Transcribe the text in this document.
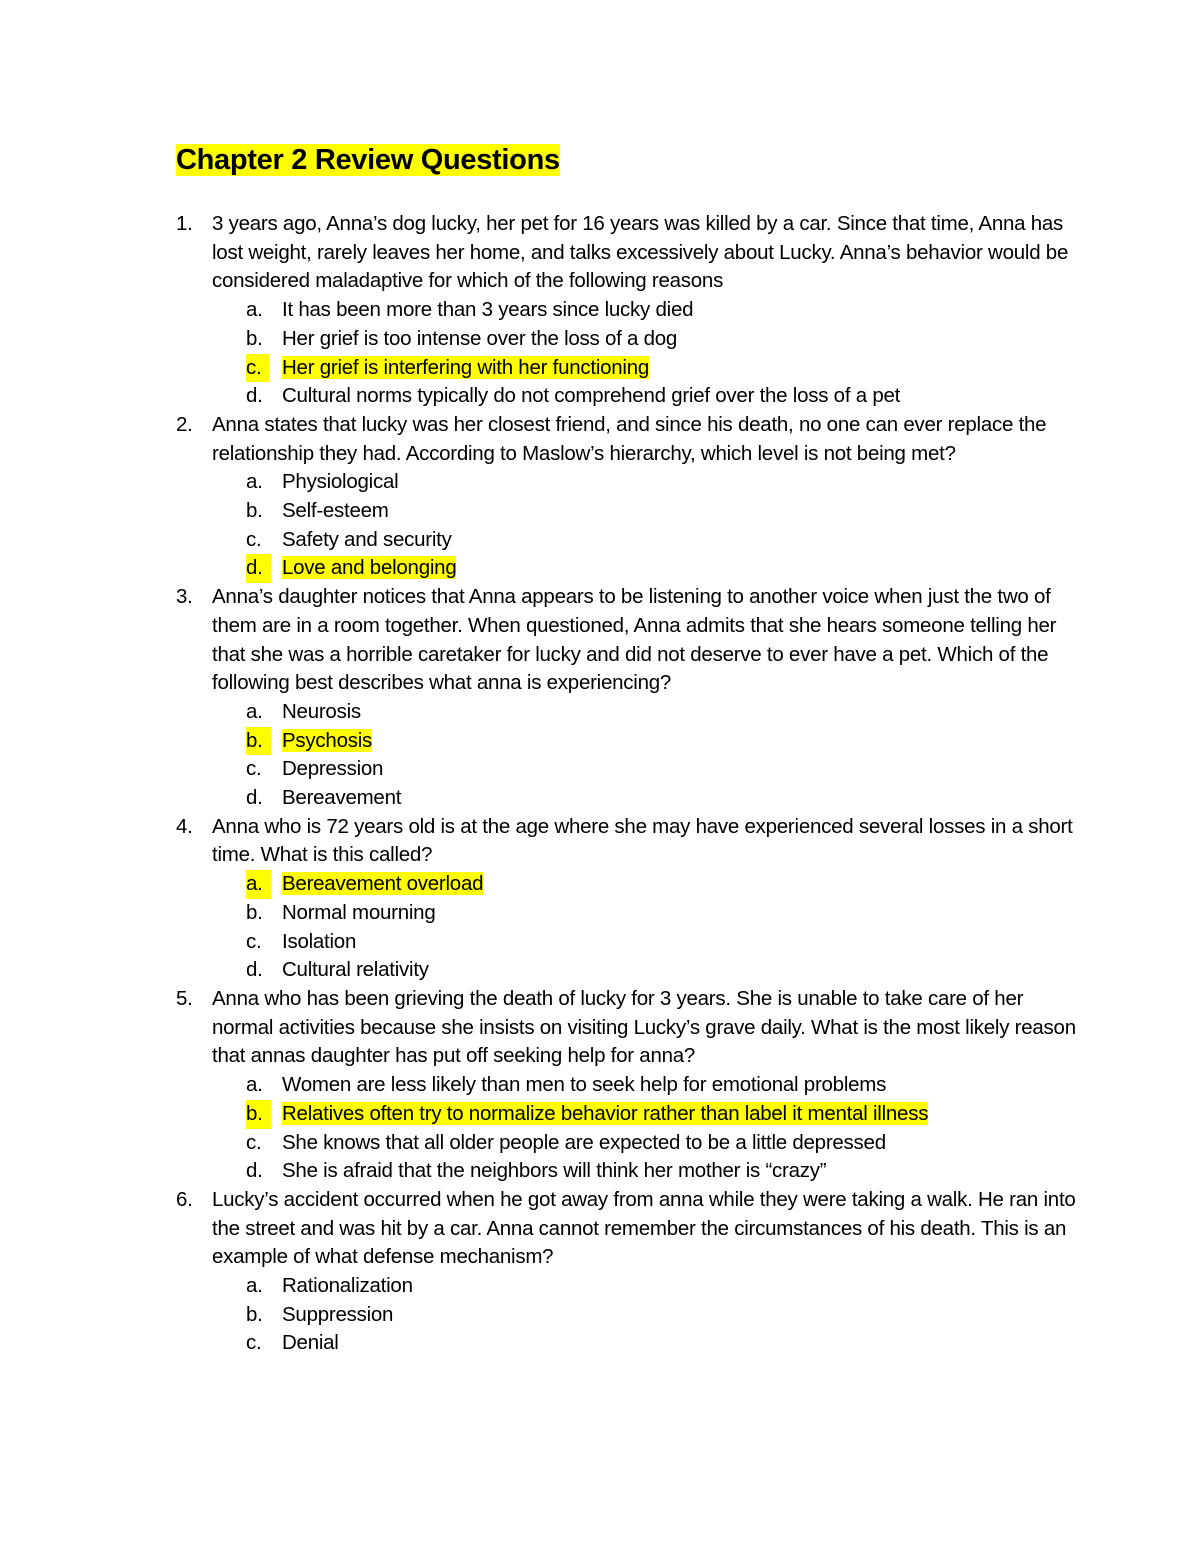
Chapter 2 Review Questions
1. 3 years ago, Anna’s dog lucky, her pet for 16 years was killed by a car. Since that time, Anna has lost weight, rarely leaves her home, and talks excessively about Lucky. Anna’s behavior would be considered maladaptive for which of the following reasons
a. It has been more than 3 years since lucky died
b. Her grief is too intense over the loss of a dog
c.	Her grief is interfering with her functioning
d. Cultural norms typically do not comprehend grief over the loss of a pet
2. Anna states that lucky was her closest friend, and since his death, no one can ever replace the relationship they had. According to Maslow’s hierarchy, which level is not being met?
a. Physiological
b. Self-esteem
c. Safety and security
d. Love and belonging
3. Anna’s daughter notices that Anna appears to be listening to another voice when just the two of them are in a room together. When questioned, Anna admits that she hears someone telling her that she was a horrible caretaker for lucky and did not deserve to ever have a pet. Which of the following best describes what anna is experiencing?
a. Neurosis
b. Psychosis
c. Depression
d. Bereavement
4. Anna who is 72 years old is at the age where she may have experienced several losses in a short time. What is this called?
a. Bereavement overload
b. Normal mourning
c. Isolation
d. Cultural relativity
5. Anna who has been grieving the death of lucky for 3 years. She is unable to take care of her normal activities because she insists on visiting Lucky’s grave daily. What is the most likely reason that annas daughter has put off seeking help for anna?
a. Women are less likely than men to seek help for emotional problems
b. Relatives often try to normalize behavior rather than label it mental illness
c. She knows that all older people are expected to be a little depressed
d. She is afraid that the neighbors will think her mother is “crazy”
6. Lucky’s accident occurred when he got away from anna while they were taking a walk. He ran into the street and was hit by a car. Anna cannot remember the circumstances of his death. This is an example of what defense mechanism?
a. Rationalization
b. Suppression
c. Denial
